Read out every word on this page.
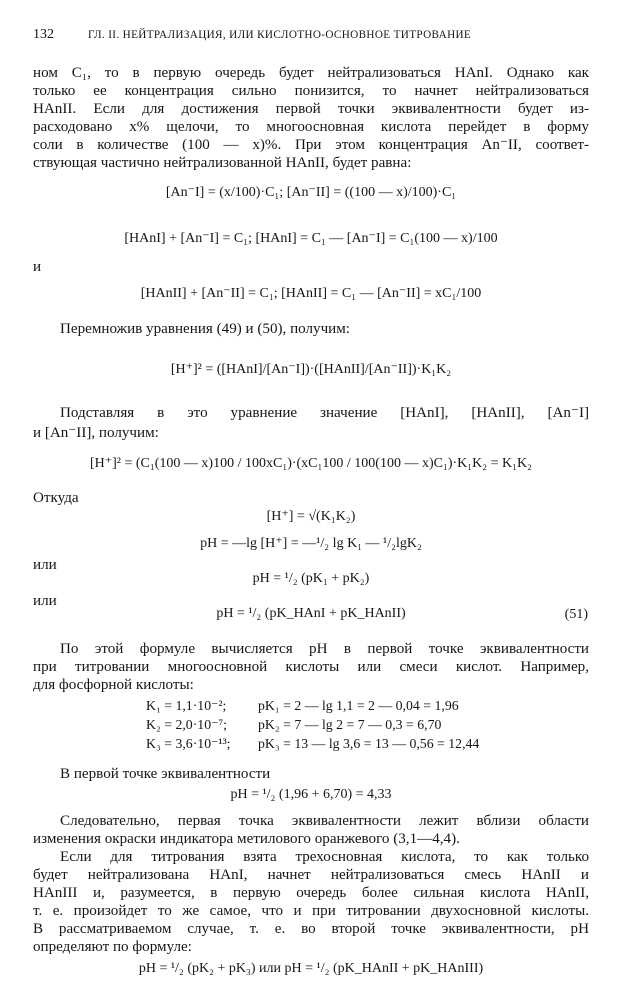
132	ГЛ. II. НЕЙТРАЛИЗАЦИЯ, ИЛИ КИСЛОТНО-ОСНОВНОЕ ТИТРОВАНИЕ
ном C₁, то в первую очередь будет нейтрализоваться HAnI. Однако как
только ее концентрация сильно понизится, то начнет нейтрализоваться
HAnII. Если для достижения первой точки эквивалентности будет из-
расходовано x% щелочи, то многоосновная кислота перейдет в форму
соли в количестве (100 — x)%. При этом концентрация An⁻II, соответ-
ствующая частично нейтрализованной HAnII, будет равна:
[An⁻I] = (x/100)·C₁; [An⁻II] = ((100 — x)/100)·C₁
[HAnI] + [An⁻I] = C₁; [HAnI] = C₁ — [An⁻I] = C₁(100 — x)/100
и
[HAnII] + [An⁻II] = C₁; [HAnII] = C₁ — [An⁻II] = xC₁/100
Перемножив уравнения (49) и (50), получим:
[H⁺]² = ([HAnI]/[An⁻I])·([HAnII]/[An⁻II])·K₁K₂
Подставляя в это уравнение значение [HAnI], [HAnII], [An⁻I]
и [An⁻II], получим:
[H⁺]² = (C₁(100 — x)100 / 100xC₁)·(xC₁100 / 100(100 — x)C₁)·K₁K₂ = K₁K₂
Откуда
[H⁺] = √(K₁K₂)
pH = —lg [H⁺] = —¹/₂ lg K₁ — ¹/₂lgK₂
или
pH = ¹/₂ (pK₁ + pK₂)
или
pH = ¹/₂ (pK_HAnI + pK_HAnII)	(51)
По этой формуле вычисляется pH в первой точке эквивалентности
при титровании многоосновной кислоты или смеси кислот. Например,
для фосфорной кислоты:
K₁ = 1,1·10⁻²; pK₁ = 2 — lg 1,1 = 2 — 0,04 = 1,96
K₂ = 2,0·10⁻⁷; pK₂ = 7 — lg 2 = 7 — 0,3 = 6,70
K₃ = 3,6·10⁻¹³; pK₃ = 13 — lg 3,6 = 13 — 0,56 = 12,44
В первой точке эквивалентности
pH = ¹/₂ (1,96 + 6,70) = 4,33
Следовательно, первая точка эквивалентности лежит вблизи области
изменения окраски индикатора метилового оранжевого (3,1—4,4).
Если для титрования взята трехосновная кислота, то как только
будет нейтрализована HAnI, начнет нейтрализоваться смесь HAnII и
HAnIII и, разумеется, в первую очередь более сильная кислота HAnII,
т. е. произойдет то же самое, что и при титровании двухосновной кислоты.
В рассматриваемом случае, т. е. во второй точке эквивалентности, pH
определяют по формуле:
pH = ¹/₂ (pK₂ + pK₃) или pH = ¹/₂ (pK_HAnII + pK_HAnIII)
